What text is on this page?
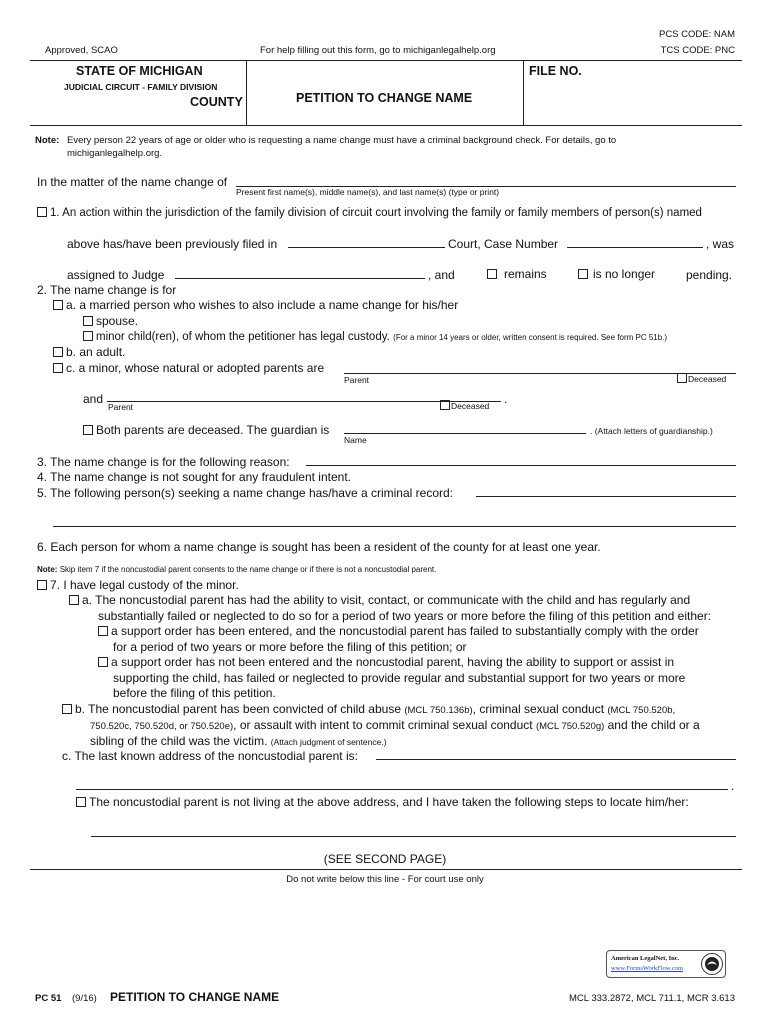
Approved, SCAO	For help filling out this form, go to michiganlegalhelp.org
PCS CODE: NAM
TCS CODE: PNC
STATE OF MICHIGAN
JUDICIAL CIRCUIT - FAMILY DIVISION
COUNTY	PETITION TO CHANGE NAME
FILE NO.
Note: Every person 22 years of age or older who is requesting a name change must have a criminal background check. For details, go to
michiganlegalhelp.org.
In the matter of the name change of
Present first name(s), middle name(s), and last name(s) (type or print)
1. An action within the jurisdiction of the family division of circuit court involving the family or family members of person(s) named
above has/have been previously filed in	Court, Case Number	, was
assigned to Judge	, and	remains	is no longer	pending.
2. The name change is for
a. a married person who wishes to also include a name change for his/her
spouse.
minor child(ren), of whom the petitioner has legal custody. (For a minor 14 years or older, written consent is required. See form PC 51b.)
b. an adult.
c. a minor, whose natural or adopted parents are
Parent	Deceased
and
Parent	Deceased .
Both parents are deceased. The guardian is
Name
. (Attach letters of guardianship.)
3. The name change is for the following reason:
4. The name change is not sought for any fraudulent intent.
5. The following person(s) seeking a name change has/have a criminal record:
6. Each person for whom a name change is sought has been a resident of the county for at least one year.
Note: Skip item 7 if the noncustodial parent consents to the name change or if there is not a noncustodial parent.
7. I have legal custody of the minor.
a. The noncustodial parent has had the ability to visit, contact, or communicate with the child and has regularly and
substantially failed or neglected to do so for a period of two years or more before the filing of this petition and either:
a support order has been entered, and the noncustodial parent has failed to substantially comply with the order
for a period of two years or more before the filing of this petition; or
a support order has not been entered and the noncustodial parent, having the ability to support or assist in
supporting the child, has failed or neglected to provide regular and substantial support for two years or more
before the filing of this petition.
b. The noncustodial parent has been convicted of child abuse (MCL 750.136b), criminal sexual conduct (MCL 750.520b,
750.520c, 750.520d, or 750.520e), or assault with intent to commit criminal sexual conduct (MCL 750.520g) and the child or a
sibling of the child was the victim. (Attach judgment of sentence.)
c. The last known address of the noncustodial parent is:
.
The noncustodial parent is not living at the above address, and I have taken the following steps to locate him/her:
(SEE SECOND PAGE)
Do not write below this line - For court use only
American LegalNet, Inc.
www.FormsWorkFlow.com
PC 51 (9/16) PETITION TO CHANGE NAME	MCL 333.2872, MCL 711.1, MCR 3.613
